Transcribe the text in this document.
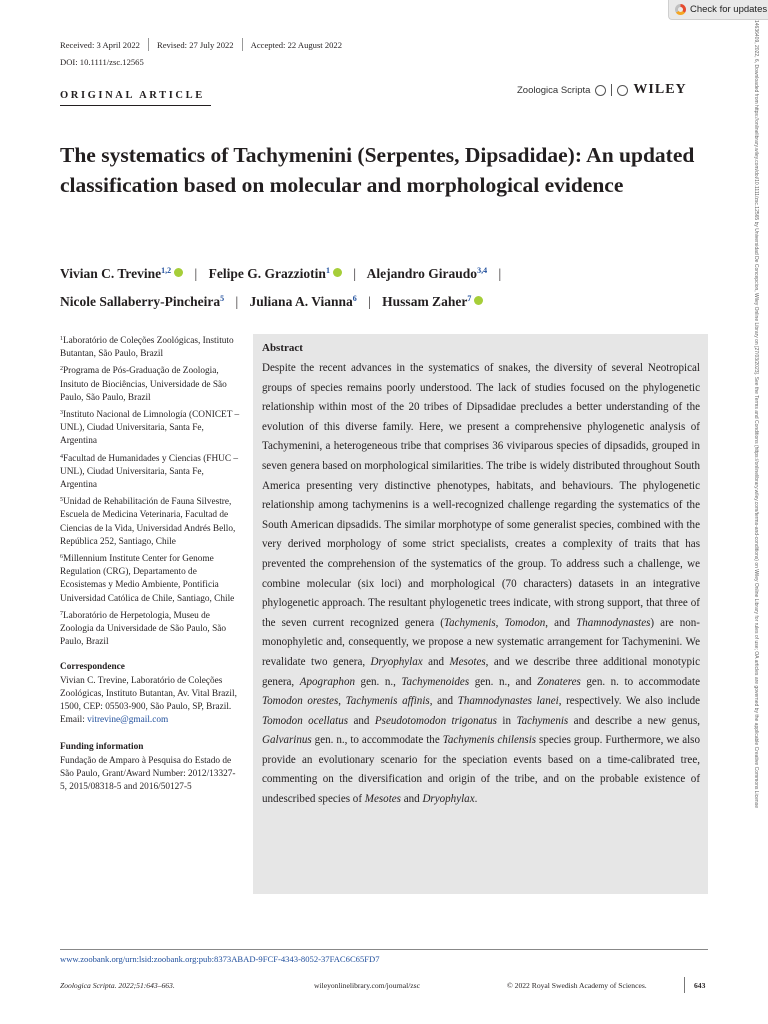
Check for updates
14636409, 2022, 6, Downloaded from https://onlinelibrary.wiley.com/doi/10.1111/zsc.12565 by Universidad De Concepcion, Wiley Online Library on [27/03/2023]. See the Terms and Conditions (https://onlinelibrary.wiley.com/terms-and-conditions) on Wiley Online Library for rules of use; OA articles are governed by the applicable Creative Commons License
Received: 3 April 2022 Revised: 27 July 2022 Accepted: 22 August 2022
DOI: 10.1111/zsc.12565
Zoologica Scripta	WILEY
ORIGINAL ARTICLE
The systematics of Tachymenini (Serpentes, Dipsadidae): An updated classification based on molecular and morphological evidence
Vivian C. Trevine$^{1,2}$ | Felipe G. Grazziotin$^1$ | Alejandro Giraudo$^{3,4}$ |
Nicole Sallaberry-Pincheira$^5$ | Juliana A. Vianna$^6$ | Hussam Zaher$^7$
$^1$Laboratório de Coleções Zoológicas, Instituto Butantan, São Paulo, Brazil
$^2$Programa de Pós-Graduação de Zoologia, Insituto de Biociências, Universidade de São Paulo, São Paulo, Brazil
$^3$Instituto Nacional de Limnología (CONICET – UNL), Ciudad Universitaria, Santa Fe, Argentina
$^4$Facultad de Humanidades y Ciencias (FHUC – UNL), Ciudad Universitaria, Santa Fe, Argentina
$^5$Unidad de Rehabilitación de Fauna Silvestre, Escuela de Medicina Veterinaria, Facultad de Ciencias de la Vida, Universidad Andrés Bello, República 252, Santiago, Chile
$^6$Millennium Institute Center for Genome Regulation (CRG), Departamento de Ecosistemas y Medio Ambiente, Pontificia Universidad Católica de Chile, Santiago, Chile
$^7$Laboratório de Herpetologia, Museu de Zoologia da Universidade de São Paulo, São Paulo, Brazil
Correspondence
Vivian C. Trevine, Laboratório de Coleções Zoológicas, Instituto Butantan, Av. Vital Brazil, 1500, CEP: 05503-900, São Paulo, SP, Brazil.
Email: vitrevine@gmail.com
Funding information
Fundação de Amparo à Pesquisa do Estado de São Paulo, Grant/Award Number: 2012/13327-5, 2015/08318-5 and 2016/50127-5
Abstract
Despite the recent advances in the systematics of snakes, the diversity of several Neotropical groups of species remains poorly understood. The lack of studies focused on the phylogenetic relationship within most of the 20 tribes of Dipsadidae precludes a better understanding of the evolution of this diverse family. Here, we present a comprehensive phylogenetic analysis of Tachymenini, a heterogeneous tribe that comprises 36 viviparous species of dipsadids, grouped in seven genera based on morphological similarities. The tribe is widely distributed throughout South America presenting very distinctive phenotypes, habitats, and behaviours. The phylogenetic relationship among tachymenins is a well-recognized challenge regarding the systematics of the South American dipsadids. The similar morphotype of some generalist species, combined with the very derived morphology of some strict specialists, creates a complexity of traits that has prevented the comprehension of the systematics of the group. To address such a challenge, we combine molecular (six loci) and morphological (70 characters) datasets in an integrative phylogenetic approach. The resultant phylogenetic trees indicate, with strong support, that three of the seven current recognized genera (Tachymenis, Tomodon, and Thamnodynastes) are non-monophyletic and, consequently, we propose a new systematic arrangement for Tachymenini. We revalidate two genera, Dryophylax and Mesotes, and we describe three additional monotypic genera, Apographon gen. n., Tachymenoides gen. n., and Zonateres gen. n. to accommodate Tomodon orestes, Tachymenis affinis, and Thamnodynastes lanei, respectively. We also include Tomodon ocellatus and Pseudotomodon trigonatus in Tachymenis and describe a new genus, Galvarinus gen. n., to accommodate the Tachymenis chilensis species group. Furthermore, we also provide an evolutionary scenario for the speciation events based on a time-calibrated tree, commenting on the diversification and origin of the tribe, and on the probable existence of undescribed species of Mesotes and Dryophylax.
www.zoobank.org/urn:lsid:zoobank.org:pub:8373ABAD-9FCF-4343-8052-37FAC6C65FD7
Zoologica Scripta. 2022;51:643–663.	wileyonlinelibrary.com/journal/zsc	© 2022 Royal Swedish Academy of Sciences.	643
